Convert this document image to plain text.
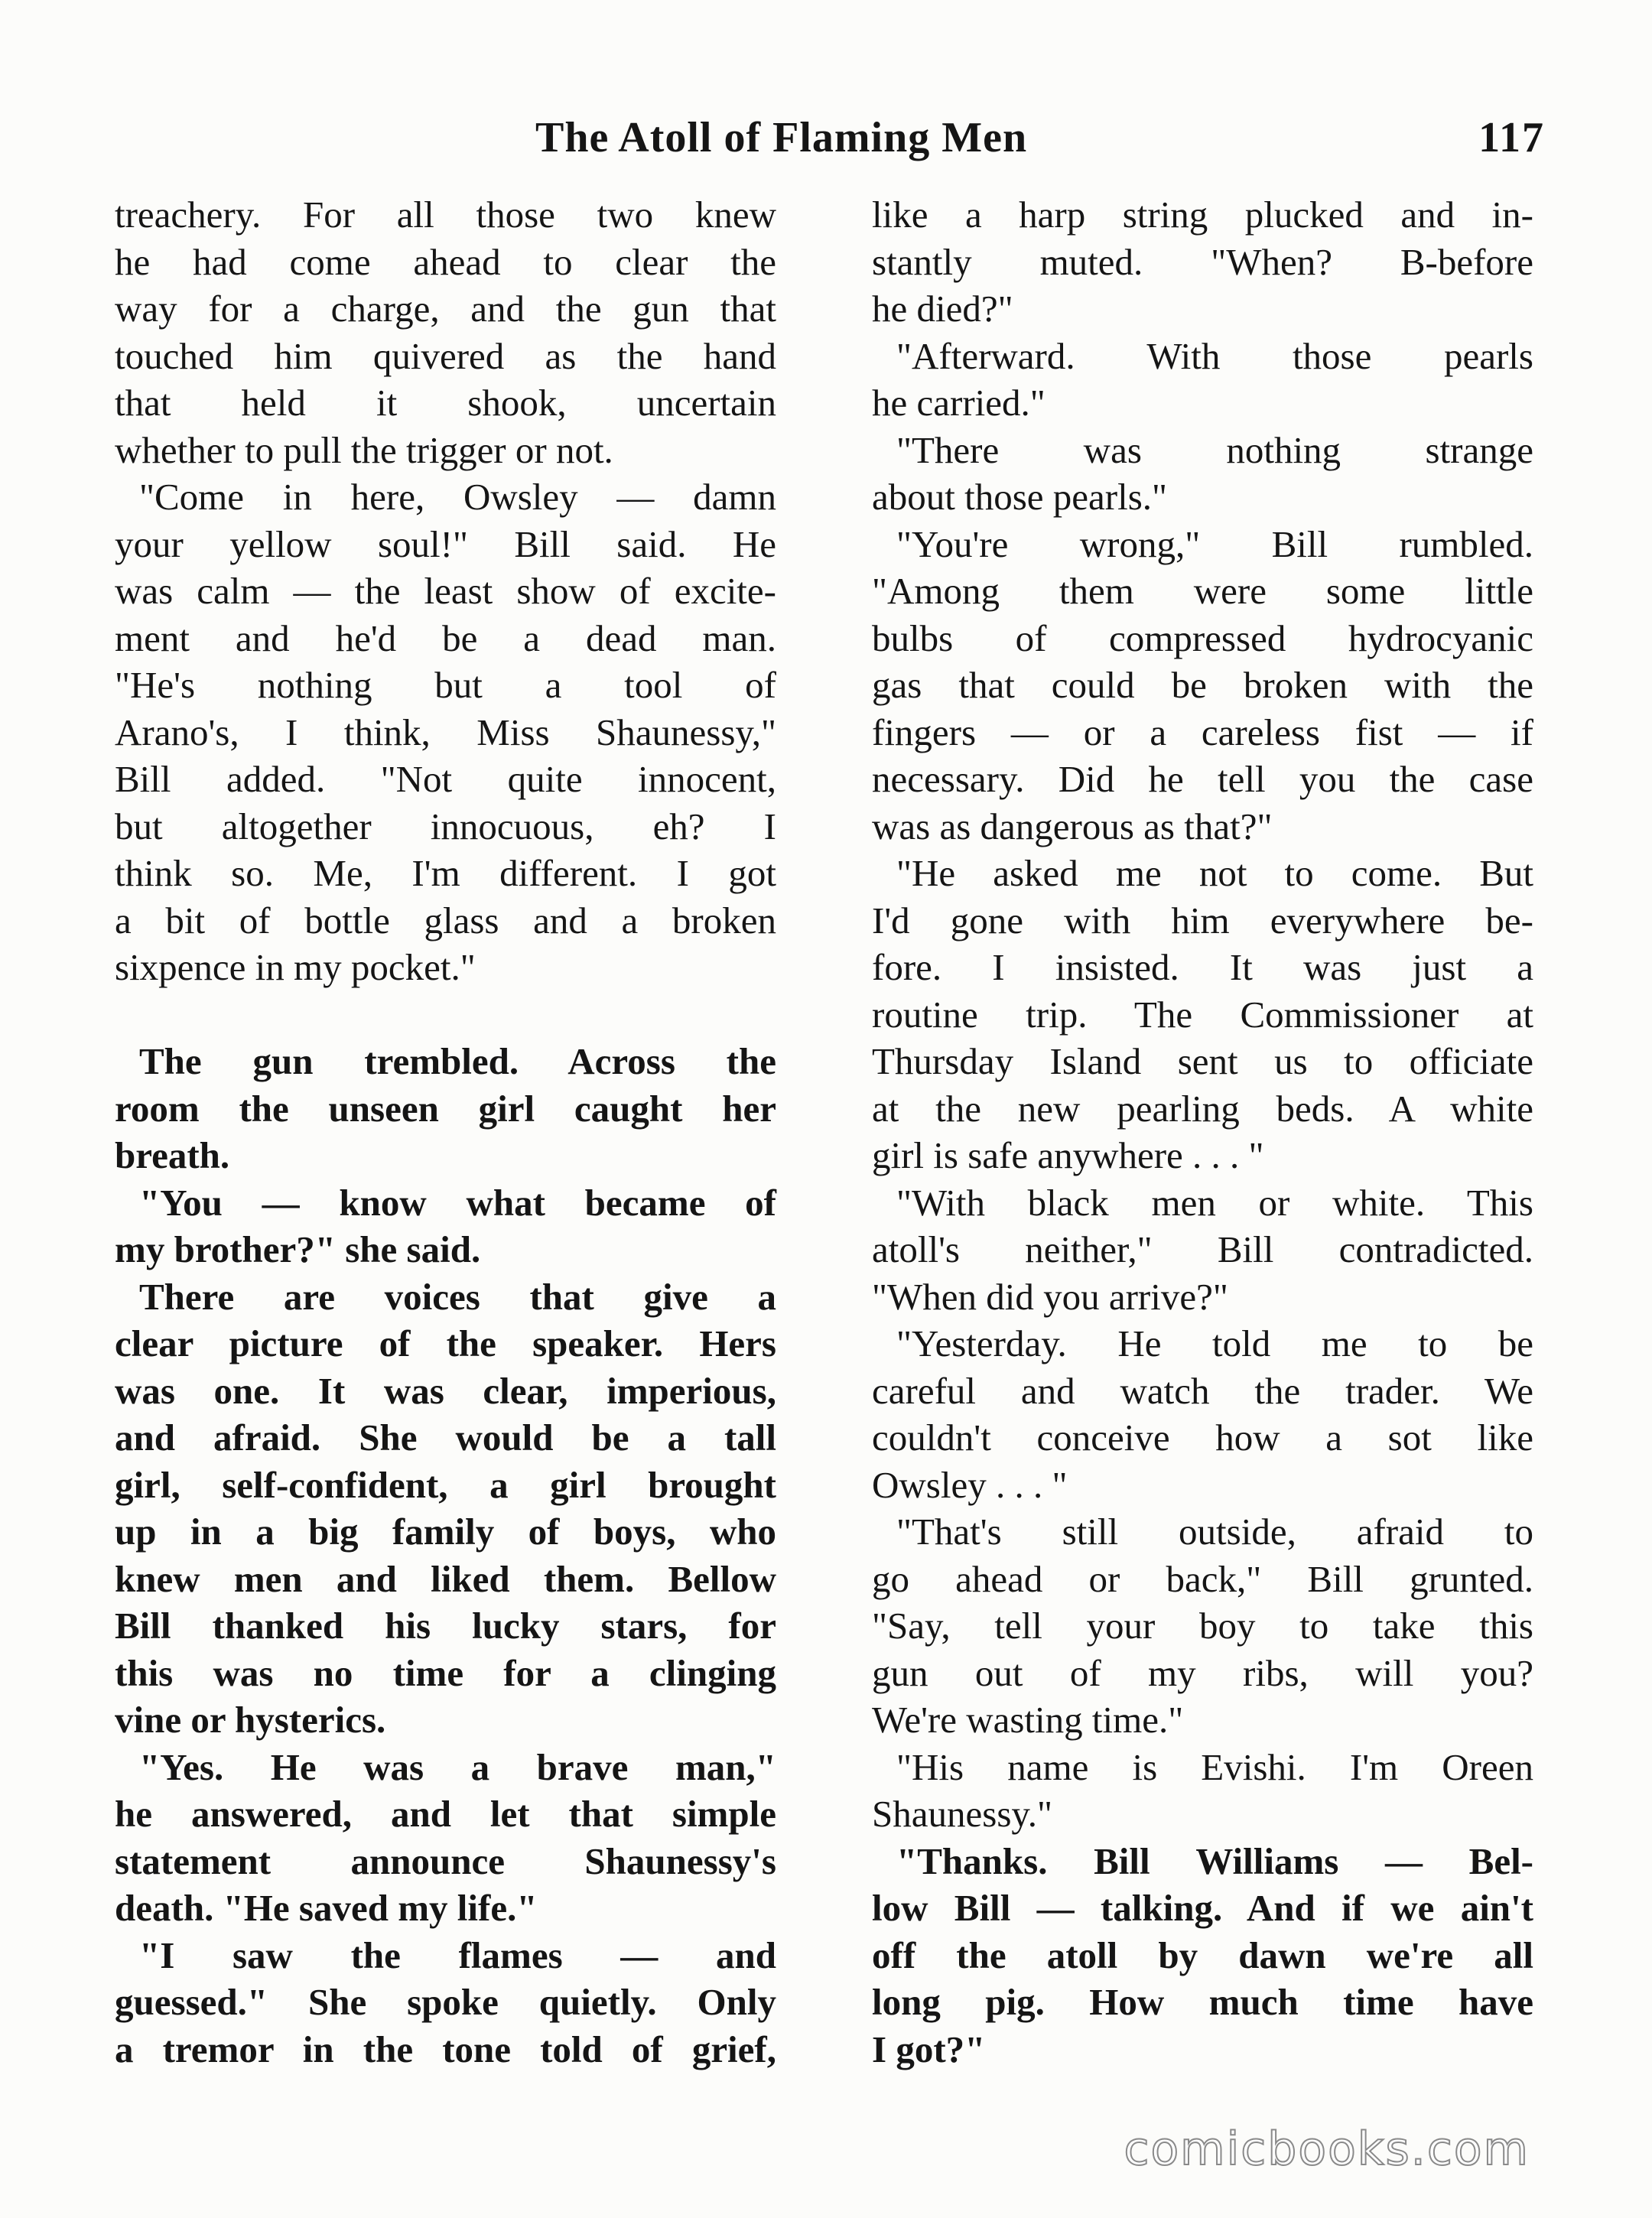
The Atoll of Flaming Men	117
treachery. For all those two knew
he had come ahead to clear the
way for a charge, and the gun that
touched him quivered as the hand
that held it shook, uncertain
whether to pull the trigger or not.
"Come in here, Owsley — damn
your yellow soul!" Bill said. He
was calm — the least show of excite-
ment and he'd be a dead man.
"He's nothing but a tool of
Arano's, I think, Miss Shaunessy,"
Bill added. "Not quite innocent,
but altogether innocuous, eh? I
think so. Me, I'm different. I got
a bit of bottle glass and a broken
sixpence in my pocket."
The gun trembled. Across the
room the unseen girl caught her
breath.
"You — know what became of
my brother?" she said.
There are voices that give a
clear picture of the speaker. Hers
was one. It was clear, imperious,
and afraid. She would be a tall
girl, self-confident, a girl brought
up in a big family of boys, who
knew men and liked them. Bellow
Bill thanked his lucky stars, for
this was no time for a clinging
vine or hysterics.
"Yes. He was a brave man,"
he answered, and let that simple
statement announce Shaunessy's
death. "He saved my life."
"I saw the flames — and
guessed." She spoke quietly. Only
a tremor in the tone told of grief,
like a harp string plucked and in-
stantly muted. "When? B-before
he died?"
"Afterward. With those pearls
he carried."
"There was nothing strange
about those pearls."
"You're wrong," Bill rumbled.
"Among them were some little
bulbs of compressed hydrocyanic
gas that could be broken with the
fingers — or a careless fist — if
necessary. Did he tell you the case
was as dangerous as that?"
"He asked me not to come. But
I'd gone with him everywhere be-
fore. I insisted. It was just a
routine trip. The Commissioner at
Thursday Island sent us to officiate
at the new pearling beds. A white
girl is safe anywhere . . . "
"With black men or white. This
atoll's neither," Bill contradicted.
"When did you arrive?"
"Yesterday. He told me to be
careful and watch the trader. We
couldn't conceive how a sot like
Owsley . . . "
"That's still outside, afraid to
go ahead or back," Bill grunted.
"Say, tell your boy to take this
gun out of my ribs, will you?
We're wasting time."
"His name is Evishi. I'm Oreen
Shaunessy."
"Thanks. Bill Williams — Bel-
low Bill — talking. And if we ain't
off the atoll by dawn we're all
long pig. How much time have
I got?"
comicbooks.com
